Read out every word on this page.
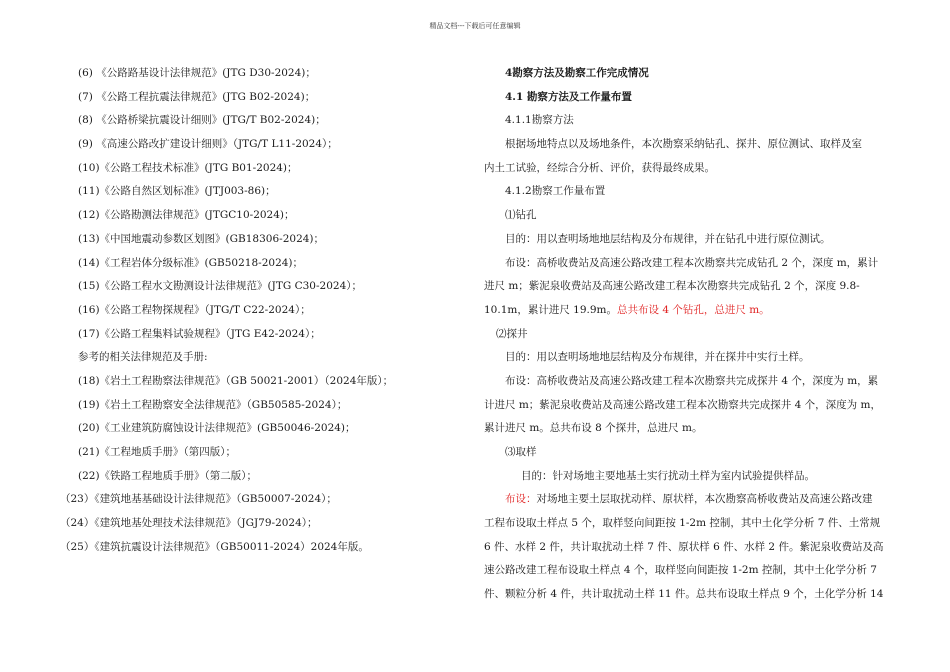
精品文档---下载后可任意编辑
(6) 《公路路基设计法律规范》(JTG D30-2024)；
(7) 《公路工程抗震法律规范》(JTG B02-2024)；
(8) 《公路桥梁抗震设计细则》(JTG/T B02-2024)；
(9) 《高速公路改扩建设计细则》（JTG/T L11-2024）；
(10)《公路工程技术标准》(JTG B01-2024)；
(11)《公路自然区划标准》(JTJ003-86)；
(12)《公路勘测法律规范》(JTGC10-2024)；
(13)《中国地震动参数区划图》(GB18306-2024)；
(14)《工程岩体分级标准》(GB50218-2024)；
(15)《公路工程水文勘测设计法律规范》(JTG C30-2024）；
(16)《公路工程物探规程》（JTG/T C22-2024）；
(17)《公路工程集料试验规程》（JTG E42-2024）；
参考的相关法律规范及手册:
(18)《岩土工程勘察法律规范》（GB 50021-2001）（2024年版）；
(19)《岩土工程勘察安全法律规范》（GB50585-2024）；
(20)《工业建筑防腐蚀设计法律规范》(GB50046-2024)；
(21)《工程地质手册》（第四版）；
(22)《铁路工程地质手册》（第二版）；
（23）《建筑地基基础设计法律规范》（GB50007-2024）；
（24）《建筑地基处理技术法律规范》（JGJ79-2024）；
（25）《建筑抗震设计法律规范》（GB50011-2024）2024年版。
4勘察方法及勘察工作完成情况
4.1 勘察方法及工作量布置
4.1.1勘察方法
根据场地特点以及场地条件，本次勘察采纳钻孔、探井、原位测试、取样及室
内土工试验，经综合分析、评价，获得最终成果。
4.1.2勘察工作量布置
⑴钻孔
目的：用以查明场地地层结构及分布规律，并在钻孔中进行原位测试。
布设：高桥收费站及高速公路改建工程本次勘察共完成钻孔 2 个，深度 m，累计
进尺 m；紫泥泉收费站及高速公路改建工程本次勘察共完成钻孔 2 个，深度 9.8-
10.1m，累计进尺 19.9m。总共布设 4 个钻孔，总进尺 m。
⑵探井
目的：用以查明场地地层结构及分布规律，并在探井中实行土样。
布设：高桥收费站及高速公路改建工程本次勘察共完成探井 4 个，深度为 m，累
计进尺 m；紫泥泉收费站及高速公路改建工程本次勘察共完成探井 4 个，深度为 m，
累计进尺 m。总共布设 8 个探井，总进尺 m。
⑶取样
目的：针对场地主要地基土实行扰动土样为室内试验提供样品。
布设：对场地主要土层取扰动样、原状样，本次勘察高桥收费站及高速公路改建
工程布设取土样点 5 个，取样竖向间距按 1-2m 控制，其中土化学分析 7 件、土常规
6 件、水样 2 件，共计取扰动土样 7 件、原状样 6 件、水样 2 件。紫泥泉收费站及高
速公路改建工程布设取土样点 4 个，取样竖向间距按 1-2m 控制，其中土化学分析 7
件、颗粒分析 4 件，共计取扰动土样 11 件。总共布设取土样点 9 个，土化学分析 14
